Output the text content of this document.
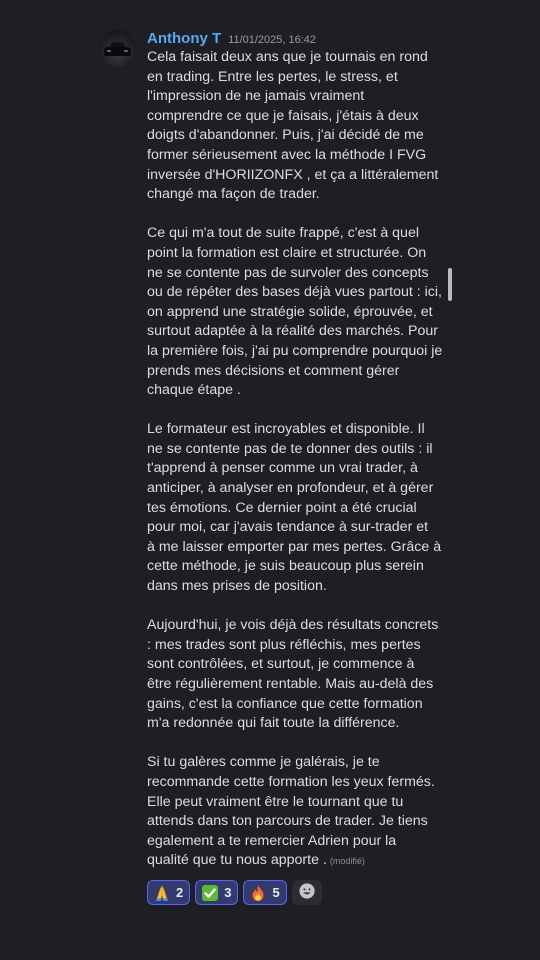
Anthony T 11/01/2025, 16:42

Cela faisait deux ans que je tournais en rond
en trading. Entre les pertes, le stress, et
l'impression de ne jamais vraiment
comprendre ce que je faisais, j'étais à deux
doigts d'abandonner. Puis, j'ai décidé de me
former sérieusement avec la méthode I FVG
inversée d'HORIIZONFX , et ça a littéralement
changé ma façon de trader.

Ce qui m'a tout de suite frappé, c'est à quel
point la formation est claire et structurée. On
ne se contente pas de survoler des concepts
ou de répéter des bases déjà vues partout : ici,
on apprend une stratégie solide, éprouvée, et
surtout adaptée à la réalité des marchés. Pour
la première fois, j'ai pu comprendre pourquoi je
prends mes décisions et comment gérer
chaque étape .

Le formateur est incroyables et disponible. Il
ne se contente pas de te donner des outils : il
t'apprend à penser comme un vrai trader, à
anticiper, à analyser en profondeur, et à gérer
tes émotions. Ce dernier point a été crucial
pour moi, car j'avais tendance à sur-trader et
à me laisser emporter par mes pertes. Grâce à
cette méthode, je suis beaucoup plus serein
dans mes prises de position.

Aujourd'hui, je vois déjà des résultats concrets
: mes trades sont plus réfléchis, mes pertes
sont contrôlées, et surtout, je commence à
être régulièrement rentable. Mais au-delà des
gains, c'est la confiance que cette formation
m'a redonnée qui fait toute la différence.

Si tu galères comme je galérais, je te
recommande cette formation les yeux fermés.
Elle peut vraiment être le tournant que tu
attends dans ton parcours de trader. Je tiens
egalement a te remercier Adrien pour la
qualité que tu nous apporte . (modifié)

2	3	5
